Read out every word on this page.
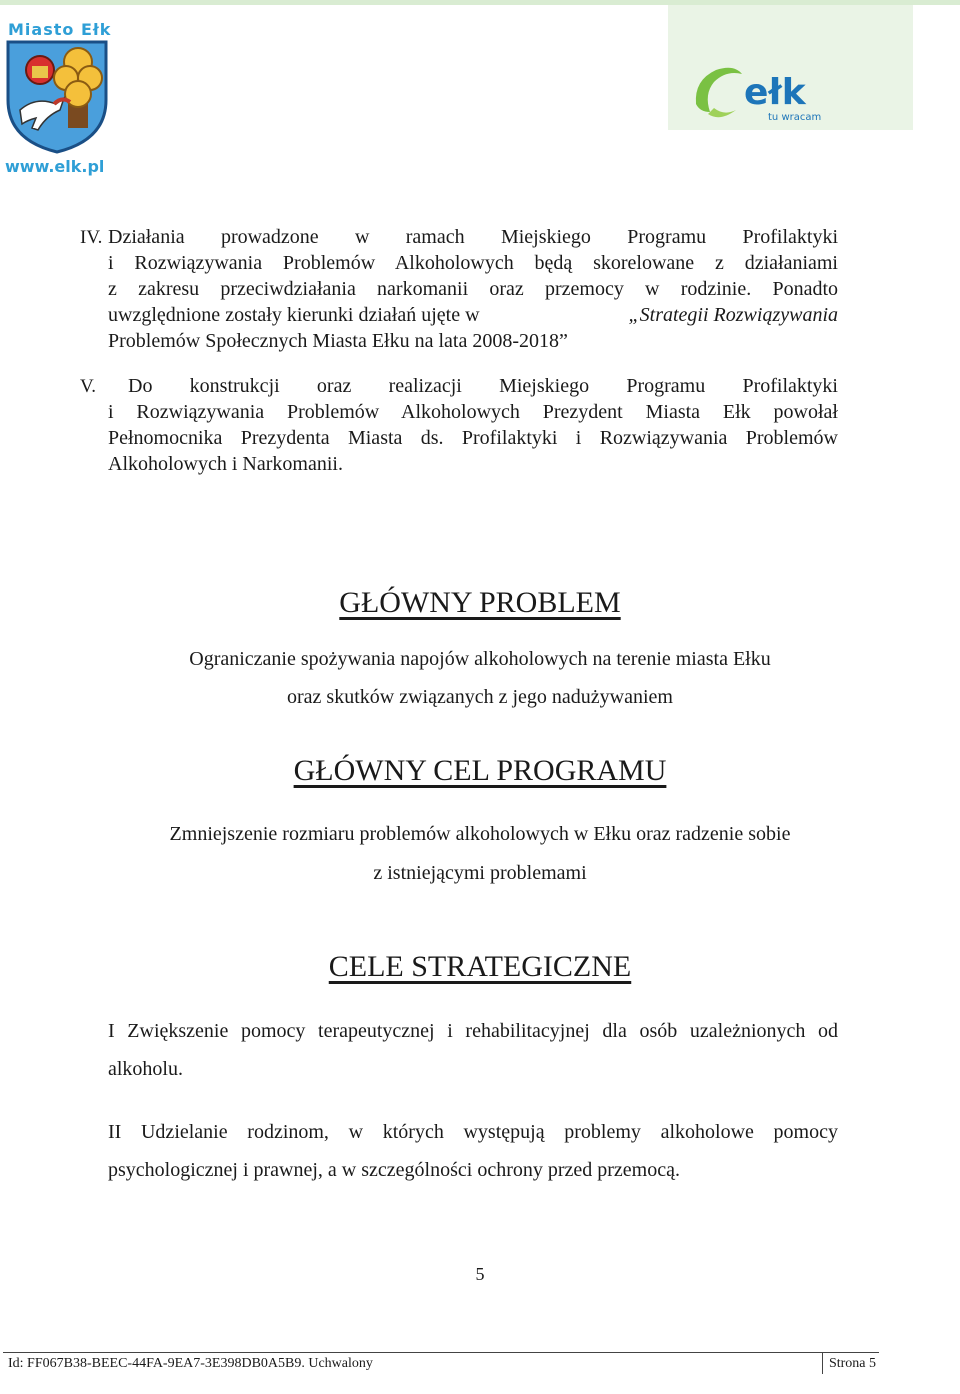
Miasto Ełk
www.elk.pl
ełk
tu wracam
IV. Działania prowadzone w ramach Miejskiego Programu Profilaktyki
i Rozwiązywania Problemów Alkoholowych będą skorelowane z działaniami
z zakresu przeciwdziałania narkomanii oraz przemocy w rodzinie. Ponadto
uwzględnione zostały kierunki działań ujęte w	„Strategii Rozwiązywania
Problemów Społecznych Miasta Ełku na lata 2008-2018”
V. Do konstrukcji oraz realizacji Miejskiego Programu Profilaktyki
i Rozwiązywania Problemów Alkoholowych Prezydent Miasta Ełk powołał
Pełnomocnika Prezydenta Miasta ds. Profilaktyki i Rozwiązywania Problemów
Alkoholowych i Narkomanii.
GŁÓWNY PROBLEM
Ograniczanie spożywania napojów alkoholowych na terenie miasta Ełku
oraz skutków związanych z jego nadużywaniem
GŁÓWNY CEL PROGRAMU
Zmniejszenie rozmiaru problemów alkoholowych w Ełku oraz radzenie sobie
z istniejącymi problemami
CELE STRATEGICZNE
I Zwiększenie pomocy terapeutycznej i rehabilitacyjnej dla osób uzależnionych od alkoholu.
II Udzielanie rodzinom, w których występują problemy alkoholowe pomocy psychologicznej i prawnej, a w szczególności ochrony przed przemocą.
5
Id: FF067B38-BEEC-44FA-9EA7-3E398DB0A5B9. Uchwalony	Strona 5
